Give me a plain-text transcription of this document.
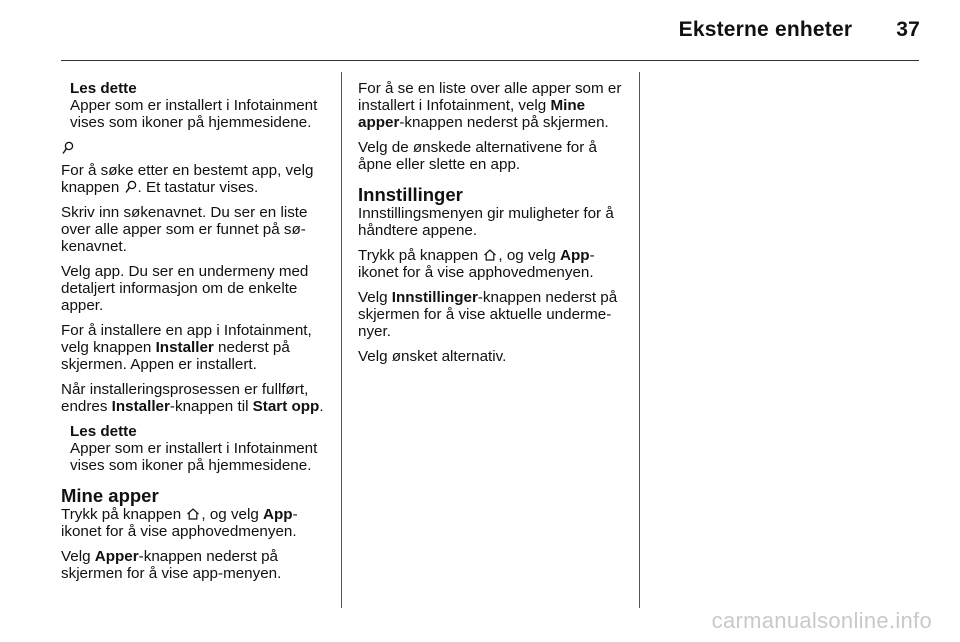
Eksterne enheter 37
Les dette
Apper som er installert i Infotainment vises som ikoner på hjemmesidene.

For å søke etter en bestemt app, velg knappen . Et tastatur vises.

Skriv inn søkenavnet. Du ser en liste over alle apper som er funnet på søkenavnet.

Velg app. Du ser en undermeny med detaljert informasjon om de enkelte apper.

For å installere en app i Infotainment, velg knappen Installer nederst på skjermen. Appen er installert.

Når installeringsprosessen er fullført, endres Installer-knappen til Start opp.

Les dette
Apper som er installert i Infotainment vises som ikoner på hjemmesidene.
Mine apper

Trykk på knappen
, og velg App-ikonet for å vise apphovedmenyen.

Velg Apper-knappen nederst på skjermen for å vise app-menyen.

For å se en liste over alle apper som er installert i Infotainment, velg Mine apper-knappen nederst på skjermen.

Velg de ønskede alternativene for å åpne eller slette en app.

Innstillinger

Innstillingsmenyen gir muligheter for å håndtere appene.

Trykk på knappen
, og velg App-ikonet for å vise apphovedmenyen.

Velg Innstillinger-knappen nederst på skjermen for å vise aktuelle undermenyer.

Velg ønsket alternativ.

carmanualsonline.info
